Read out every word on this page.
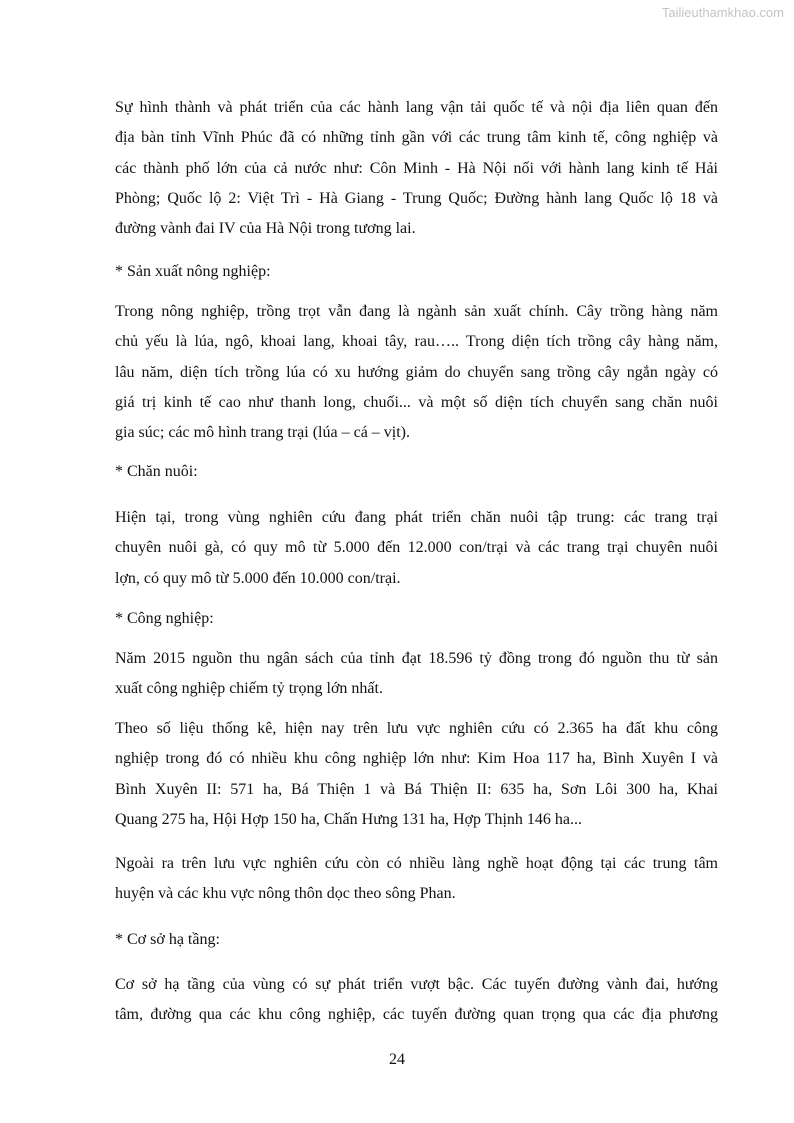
Tailieuthamkhao.com
Sự hình thành và phát triển của các hành lang vận tải quốc tế và nội địa liên quan đến
địa bàn tỉnh Vĩnh Phúc đã có những tỉnh gần với các trung tâm kinh tế, công nghiệp và
các thành phố lớn của cả nước như: Côn Minh - Hà Nội nối với hành lang kinh tế Hải
Phòng; Quốc lộ 2: Việt Trì - Hà Giang - Trung Quốc; Đường hành lang Quốc lộ 18 và
đường vành đai IV của Hà Nội trong tương lai.
* Sản xuất nông nghiệp:
Trong nông nghiệp, trồng trọt vẫn đang là ngành sản xuất chính. Cây trồng hàng năm
chủ yếu là lúa, ngô, khoai lang, khoai tây, rau….. Trong diện tích trồng cây hàng năm,
lâu năm, diện tích trồng lúa có xu hướng giảm do chuyển sang trồng cây ngắn ngày có
giá trị kinh tế cao như thanh long, chuối... và một số diện tích chuyển sang chăn nuôi
gia súc; các mô hình trang trại (lúa – cá – vịt).
* Chăn nuôi:
Hiện tại, trong vùng nghiên cứu đang phát triển chăn nuôi tập trung: các trang trại
chuyên nuôi gà, có quy mô từ 5.000 đến 12.000 con/trại và các trang trại chuyên nuôi
lợn, có quy mô từ 5.000 đến 10.000 con/trại.
* Công nghiệp:
Năm 2015 nguồn thu ngân sách của tỉnh đạt 18.596 tỷ đồng trong đó nguồn thu từ sản
xuất công nghiệp chiếm tỷ trọng lớn nhất.
Theo số liệu thống kê, hiện nay trên lưu vực nghiên cứu có 2.365 ha đất khu công
nghiệp trong đó có nhiều khu công nghiệp lớn như: Kim Hoa 117 ha, Bình Xuyên I và
Bình Xuyên II: 571 ha, Bá Thiện 1 và Bá Thiện II: 635 ha, Sơn Lôi 300 ha, Khai
Quang 275 ha, Hội Hợp 150 ha, Chấn Hưng 131 ha, Hợp Thịnh 146 ha...
Ngoài ra trên lưu vực nghiên cứu còn có nhiều làng nghề hoạt động tại các trung tâm
huyện và các khu vực nông thôn dọc theo sông Phan.
* Cơ sở hạ tầng:
Cơ sở hạ tầng của vùng có sự phát triển vượt bậc. Các tuyến đường vành đai, hướng
tâm, đường qua các khu công nghiệp, các tuyến đường quan trọng qua các địa phương
24
